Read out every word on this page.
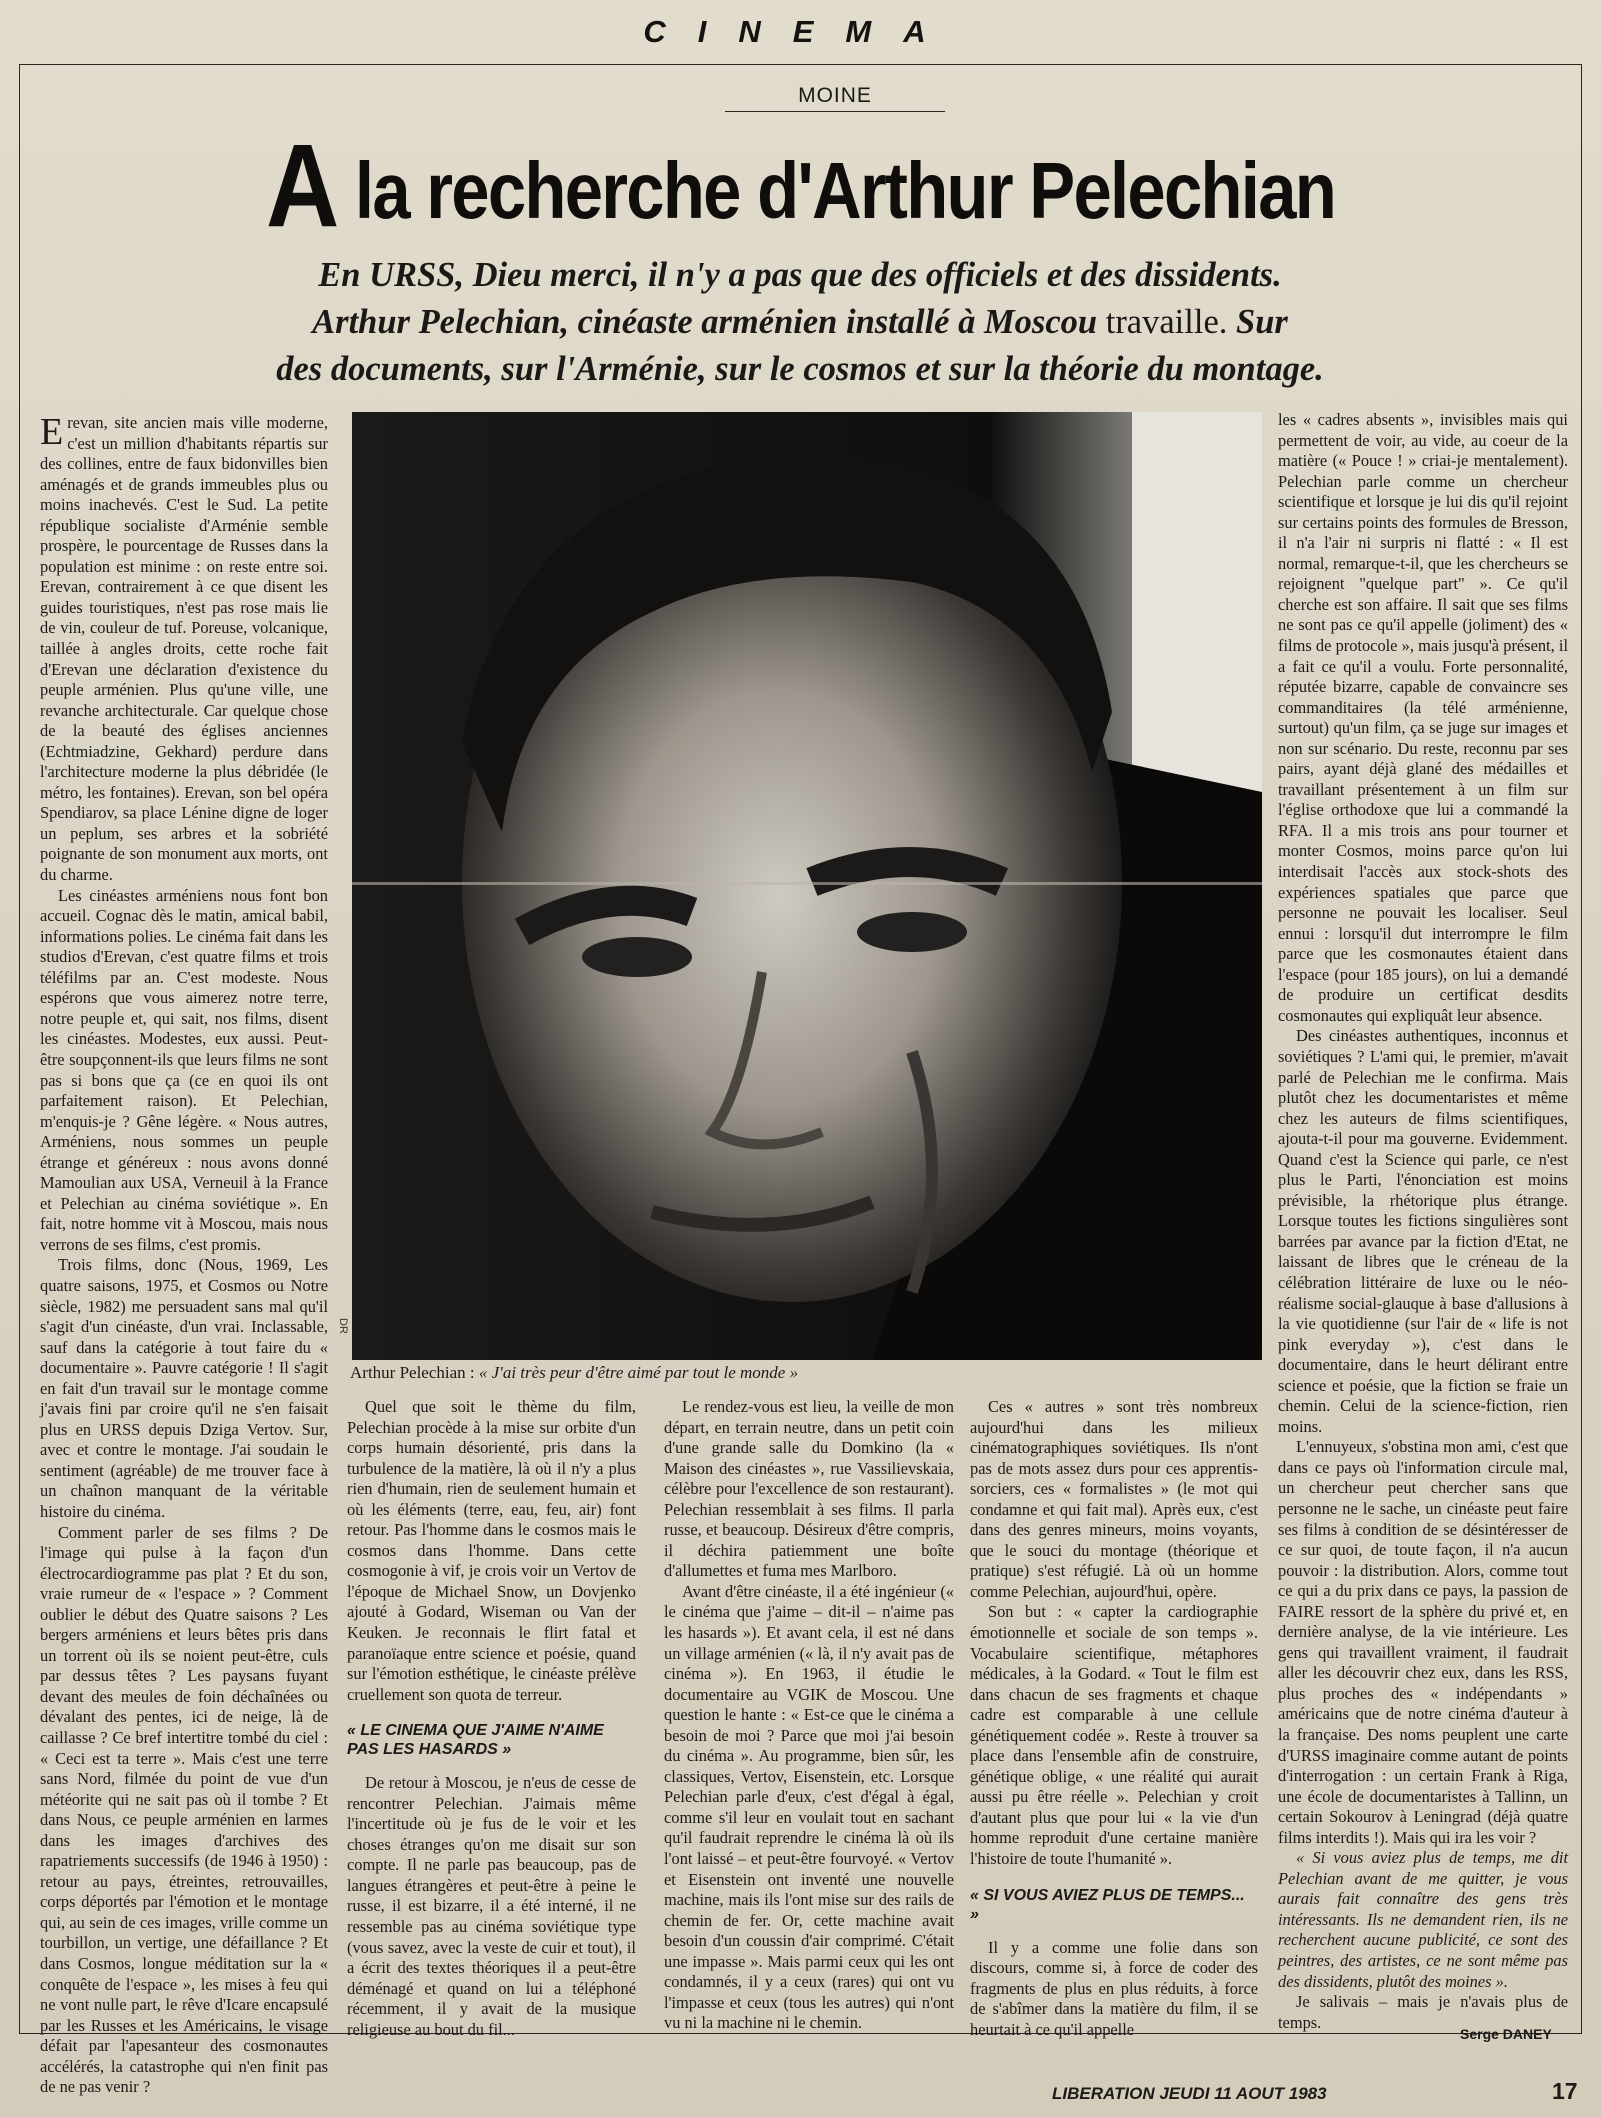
CINEMA
MOINE
A la recherche d'Arthur Pelechian
En URSS, Dieu merci, il n'y a pas que des officiels et des dissidents.
Arthur Pelechian, cinéaste arménien installé à Moscou travaille. Sur
des documents, sur l'Arménie, sur le cosmos et sur la théorie du montage.

Erevan, site ancien mais ville moderne, c'est un million d'habitants répartis sur des collines, entre de faux bidonvilles bien aménagés et de grands immeubles plus ou moins inachevés. C'est le Sud. La petite république socialiste d'Arménie semble prospère, le pourcentage de Russes dans la population est minime : on reste entre soi. Erevan, contrairement à ce que disent les guides touristiques, n'est pas rose mais lie de vin, couleur de tuf. Poreuse, volcanique, taillée à angles droits, cette roche fait d'Erevan une déclaration d'existence du peuple arménien. Plus qu'une ville, une revanche architecturale. Car quelque chose de la beauté des églises anciennes (Echtmiadzine, Gekhard) perdure dans l'architecture moderne la plus débridée (le métro, les fontaines). Erevan, son bel opéra Spendiarov, sa place Lénine digne de loger un peplum, ses arbres et la sobriété poignante de son monument aux morts, ont du charme.

Les cinéastes arméniens nous font bon accueil. Cognac dès le matin, amical babil, informations polies. Le cinéma fait dans les studios d'Erevan, c'est quatre films et trois téléfilms par an. C'est modeste. Nous espérons que vous aimerez notre terre, notre peuple et, qui sait, nos films, disent les cinéastes. Modestes, eux aussi. Peut-être soupçonnent-ils que leurs films ne sont pas si bons que ça (ce en quoi ils ont parfaitement raison). Et Pelechian, m'enquis-je ? Gêne légère. « Nous autres, Arméniens, nous sommes un peuple étrange et généreux : nous avons donné Mamoulian aux USA, Verneuil à la France et Pelechian au cinéma soviétique ». En fait, notre homme vit à Moscou, mais nous verrons de ses films, c'est promis.

Trois films, donc (Nous, 1969, Les quatre saisons, 1975, et Cosmos ou Notre siècle, 1982) me persuadent sans mal qu'il s'agit d'un cinéaste, d'un vrai. Inclassable, sauf dans la catégorie à tout faire du « documentaire ». Pauvre catégorie ! Il s'agit en fait d'un travail sur le montage comme j'avais fini par croire qu'il ne s'en faisait plus en URSS depuis Dziga Vertov. Sur, avec et contre le montage. J'ai soudain le sentiment (agréable) de me trouver face à un chaînon manquant de la véritable histoire du cinéma.

Comment parler de ses films ? De l'image qui pulse à la façon d'un électrocardiogramme pas plat ? Et du son, vraie rumeur de « l'espace » ? Comment oublier le début des Quatre saisons ? Les bergers arméniens et leurs bêtes pris dans un torrent où ils se noient peut-être, culs par dessus têtes ? Les paysans fuyant devant des meules de foin déchaînées ou dévalant des pentes, ici de neige, là de caillasse ? Ce bref intertitre tombé du ciel : « Ceci est ta terre ». Mais c'est une terre sans Nord, filmée du point de vue d'un météorite qui ne sait pas où il tombe ? Et dans Nous, ce peuple arménien en larmes dans les images d'archives des rapatriements successifs (de 1946 à 1950) : retour au pays, étreintes, retrouvailles, corps déportés par l'émotion et le montage qui, au sein de ces images, vrille comme un tourbillon, un vertige, une défaillance ? Et dans Cosmos, longue méditation sur la « conquête de l'espace », les mises à feu qui ne vont nulle part, le rêve d'Icare encapsulé par les Russes et les Américains, le visage défait par l'apesanteur des cosmonautes accélérés, la catastrophe qui n'en finit pas de ne pas venir ?

DR
Arthur Pelechian : « J'ai très peur d'être aimé par tout le monde »

Quel que soit le thème du film, Pelechian procède à la mise sur orbite d'un corps humain désorienté, pris dans la turbulence de la matière, là où il n'y a plus rien d'humain, rien de seulement humain et où les éléments (terre, eau, feu, air) font retour. Pas l'homme dans le cosmos mais le cosmos dans l'homme. Dans cette cosmogonie à vif, je crois voir un Vertov de l'époque de Michael Snow, un Dovjenko ajouté à Godard, Wiseman ou Van der Keuken. Je reconnais le flirt fatal et paranoïaque entre science et poésie, quand sur l'émotion esthétique, le cinéaste prélève cruellement son quota de terreur.

« LE CINEMA QUE J'AIME N'AIME PAS LES HASARDS »

De retour à Moscou, je n'eus de cesse de rencontrer Pelechian. J'aimais même l'incertitude où je fus de le voir et les choses étranges qu'on me disait sur son compte. Il ne parle pas beaucoup, pas de langues étrangères et peut-être à peine le russe, il est bizarre, il a été interné, il ne ressemble pas au cinéma soviétique type (vous savez, avec la veste de cuir et tout), il a écrit des textes théoriques il a peut-être déménagé et quand on lui a téléphoné récemment, il y avait de la musique religieuse au bout du fil...

Le rendez-vous est lieu, la veille de mon départ, en terrain neutre, dans un petit coin d'une grande salle du Domkino (la « Maison des cinéastes », rue Vassilievskaia, célèbre pour l'excellence de son restaurant). Pelechian ressemblait à ses films. Il parla russe, et beaucoup. Désireux d'être compris, il déchira patiemment une boîte d'allumettes et fuma mes Marlboro.

Avant d'être cinéaste, il a été ingénieur (« le cinéma que j'aime – dit-il – n'aime pas les hasards »). Et avant cela, il est né dans un village arménien (« là, il n'y avait pas de cinéma »). En 1963, il étudie le documentaire au VGIK de Moscou. Une question le hante : « Est-ce que le cinéma a besoin de moi ? Parce que moi j'ai besoin du cinéma ». Au programme, bien sûr, les classiques, Vertov, Eisenstein, etc. Lorsque Pelechian parle d'eux, c'est d'égal à égal, comme s'il leur en voulait tout en sachant qu'il faudrait reprendre le cinéma là où ils l'ont laissé – et peut-être fourvoyé. « Vertov et Eisenstein ont inventé une nouvelle machine, mais ils l'ont mise sur des rails de chemin de fer. Or, cette machine avait besoin d'un coussin d'air comprimé. C'était une impasse ». Mais parmi ceux qui les ont condamnés, il y a ceux (rares) qui ont vu l'impasse et ceux (tous les autres) qui n'ont vu ni la machine ni le chemin.

Ces « autres » sont très nombreux aujourd'hui dans les milieux cinématographiques soviétiques. Ils n'ont pas de mots assez durs pour ces apprentis-sorciers, ces « formalistes » (le mot qui condamne et qui fait mal). Après eux, c'est dans des genres mineurs, moins voyants, que le souci du montage (théorique et pratique) s'est réfugié. Là où un homme comme Pelechian, aujourd'hui, opère.

Son but : « capter la cardiographie émotionnelle et sociale de son temps ». Vocabulaire scientifique, métaphores médicales, à la Godard. « Tout le film est dans chacun de ses fragments et chaque cadre est comparable à une cellule génétiquement codée ». Reste à trouver sa place dans l'ensemble afin de construire, génétique oblige, « une réalité qui aurait aussi pu être réelle ». Pelechian y croit d'autant plus que pour lui « la vie d'un homme reproduit d'une certaine manière l'histoire de toute l'humanité ».

« SI VOUS AVIEZ PLUS DE TEMPS... »

Il y a comme une folie dans son discours, comme si, à force de coder des fragments de plus en plus réduits, à force de s'abîmer dans la matière du film, il se heurtait à ce qu'il appelle

les « cadres absents », invisibles mais qui permettent de voir, au vide, au coeur de la matière (« Pouce ! » criai-je mentalement). Pelechian parle comme un chercheur scientifique et lorsque je lui dis qu'il rejoint sur certains points des formules de Bresson, il n'a l'air ni surpris ni flatté : « Il est normal, remarque-t-il, que les chercheurs se rejoignent "quelque part" ». Ce qu'il cherche est son affaire. Il sait que ses films ne sont pas ce qu'il appelle (joliment) des « films de protocole », mais jusqu'à présent, il a fait ce qu'il a voulu. Forte personnalité, réputée bizarre, capable de convaincre ses commanditaires (la télé arménienne, surtout) qu'un film, ça se juge sur images et non sur scénario. Du reste, reconnu par ses pairs, ayant déjà glané des médailles et travaillant présentement à un film sur l'église orthodoxe que lui a commandé la RFA. Il a mis trois ans pour tourner et monter Cosmos, moins parce qu'on lui interdisait l'accès aux stock-shots des expériences spatiales que parce que personne ne pouvait les localiser. Seul ennui : lorsqu'il dut interrompre le film parce que les cosmonautes étaient dans l'espace (pour 185 jours), on lui a demandé de produire un certificat desdits cosmonautes qui expliquât leur absence.

Des cinéastes authentiques, inconnus et soviétiques ? L'ami qui, le premier, m'avait parlé de Pelechian me le confirma. Mais plutôt chez les documentaristes et même chez les auteurs de films scientifiques, ajouta-t-il pour ma gouverne. Evidemment. Quand c'est la Science qui parle, ce n'est plus le Parti, l'énonciation est moins prévisible, la rhétorique plus étrange. Lorsque toutes les fictions singulières sont barrées par avance par la fiction d'Etat, ne laissant de libres que le créneau de la célébration littéraire de luxe ou le néo-réalisme social-glauque à base d'allusions à la vie quotidienne (sur l'air de « life is not pink everyday »), c'est dans le documentaire, dans le heurt délirant entre science et poésie, que la fiction se fraie un chemin. Celui de la science-fiction, rien moins.

L'ennuyeux, s'obstina mon ami, c'est que dans ce pays où l'information circule mal, un chercheur peut chercher sans que personne ne le sache, un cinéaste peut faire ses films à condition de se désintéresser de ce sur quoi, de toute façon, il n'a aucun pouvoir : la distribution. Alors, comme tout ce qui a du prix dans ce pays, la passion de FAIRE ressort de la sphère du privé et, en dernière analyse, de la vie intérieure. Les gens qui travaillent vraiment, il faudrait aller les découvrir chez eux, dans les RSS, plus proches des « indépendants » américains que de notre cinéma d'auteur à la française. Des noms peuplent une carte d'URSS imaginaire comme autant de points d'interrogation : un certain Frank à Riga, une école de documentaristes à Tallinn, un certain Sokourov à Leningrad (déjà quatre films interdits !). Mais qui ira les voir ?

« Si vous aviez plus de temps, me dit Pelechian avant de me quitter, je vous aurais fait connaître des gens très intéressants. Ils ne demandent rien, ils ne recherchent aucune publicité, ce sont des peintres, des artistes, ce ne sont même pas des dissidents, plutôt des moines ».

Je salivais – mais je n'avais plus de temps.

Serge DANEY
LIBERATION JEUDI 11 AOUT 1983	17
